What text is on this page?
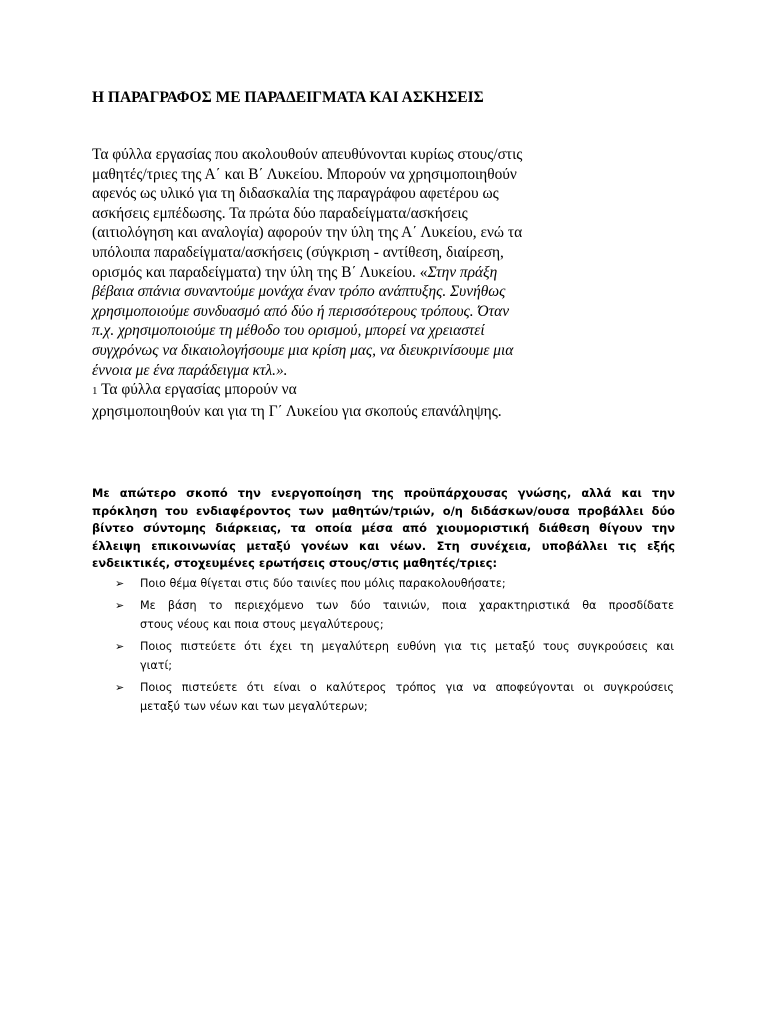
Η ΠΑΡΑΓΡΑΦΟΣ ΜΕ ΠΑΡΑΔΕΙΓΜΑΤΑ ΚΑΙ ΑΣΚΗΣΕΙΣ

Τα φύλλα εργασίας που ακολουθούν απευθύνονται κυρίως στους/στις
μαθητές/τριες της Α΄ και Β΄ Λυκείου. Μπορούν να χρησιμοποιηθούν
αφενός ως υλικό για τη διδασκαλία της παραγράφου αφετέρου ως
ασκήσεις εμπέδωσης. Τα πρώτα δύο παραδείγματα/ασκήσεις
(αιτιολόγηση και αναλογία) αφορούν την ύλη της Α΄ Λυκείου, ενώ τα
υπόλοιπα παραδείγματα/ασκήσεις (σύγκριση - αντίθεση, διαίρεση,
ορισμός και παραδείγματα) την ύλη της Β΄ Λυκείου. «Στην πράξη
βέβαια σπάνια συναντούμε μονάχα έναν τρόπο ανάπτυξης. Συνήθως
χρησιμοποιούμε συνδυασμό από δύο ή περισσότερους τρόπους. Όταν
π.χ. χρησιμοποιούμε τη μέθοδο του ορισμού, μπορεί να χρειαστεί
συγχρόνως να δικαιολογήσουμε μια κρίση μας, να διευκρινίσουμε μια
έννοια με ένα παράδειγμα κτλ.».
1 Τα φύλλα εργασίας μπορούν να
χρησιμοποιηθούν και για τη Γ΄ Λυκείου για σκοπούς επανάληψης.

Με απώτερο σκοπό την ενεργοποίηση της προϋπάρχουσας γνώσης, αλλά και την
πρόκληση του ενδιαφέροντος των μαθητών/τριών, ο/η διδάσκων/ουσα προβάλλει δύο
βίντεο σύντομης διάρκειας, τα οποία μέσα από χιουμοριστική διάθεση θίγουν την
έλλειψη επικοινωνίας μεταξύ γονέων και νέων. Στη συνέχεια, υποβάλλει τις εξής
ενδεικτικές, στοχευμένες ερωτήσεις στους/στις μαθητές/τριες:

➢ Ποιο θέμα θίγεται στις δύο ταινίες που μόλις παρακολουθήσατε;
➢ Με βάση το περιεχόμενο των δύο ταινιών, ποια χαρακτηριστικά θα προσδίδατε
στους νέους και ποια στους μεγαλύτερους;
➢ Ποιος πιστεύετε ότι έχει τη μεγαλύτερη ευθύνη για τις μεταξύ τους συγκρούσεις και
γιατί;
➢ Ποιος πιστεύετε ότι είναι ο καλύτερος τρόπος για να αποφεύγονται οι συγκρούσεις
μεταξύ των νέων και των μεγαλύτερων;
